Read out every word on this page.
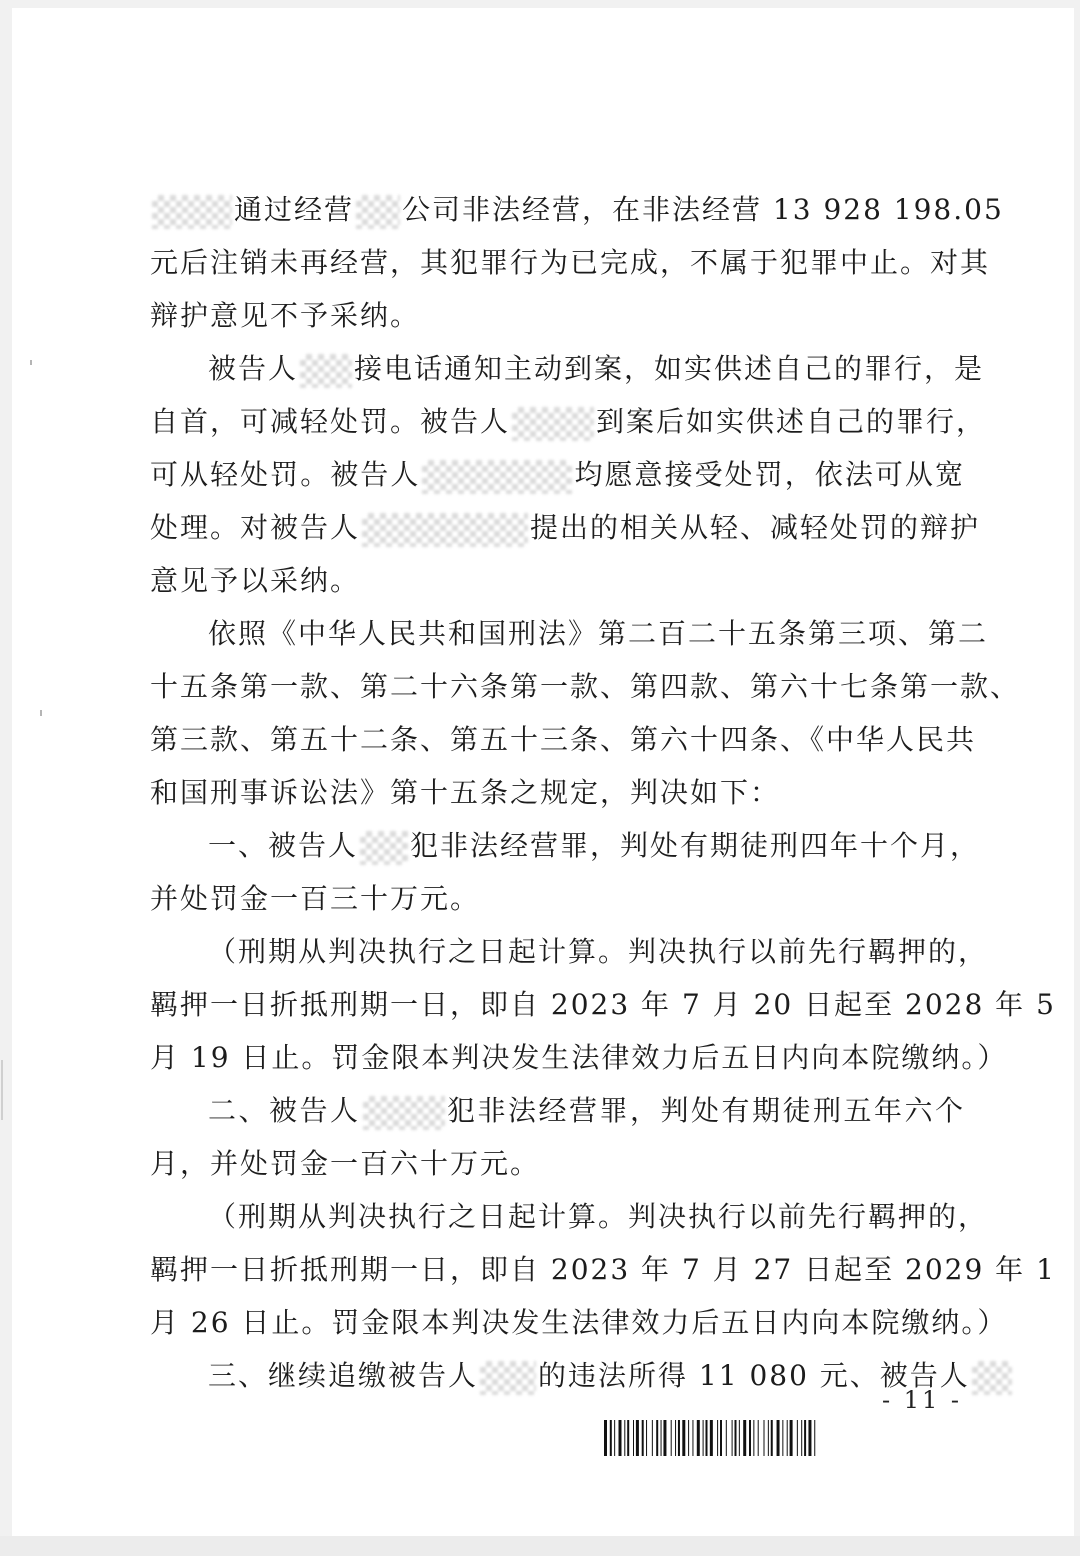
通过经营 公司非法经营，在非法经营 13 928 198.05
元后注销未再经营，其犯罪行为已完成，不属于犯罪中止。对其
辩护意见不予采纳。
被告人 接电话通知主动到案，如实供述自己的罪行，是
自首，可减轻处罚。被告人	到案后如实供述自己的罪行，
可从轻处罚。被告人	均愿意接受处罚，依法可从宽
处理。对被告人	提出的相关从轻、减轻处罚的辩护
意见予以采纳。
依照《中华人民共和国刑法》第二百二十五条第三项、第二
十五条第一款、第二十六条第一款、第四款、第六十七条第一款、
第三款、第五十二条、第五十三条、第六十四条、《中华人民共
和国刑事诉讼法》第十五条之规定，判决如下：
一、被告人 犯非法经营罪，判处有期徒刑四年十个月，
并处罚金一百三十万元。
（刑期从判决执行之日起计算。判决执行以前先行羁押的，
羁押一日折抵刑期一日，即自 2023 年 7 月 20 日起至 2028 年 5
月 19 日止。罚金限本判决发生法律效力后五日内向本院缴纳。）
二、被告人	犯非法经营罪，判处有期徒刑五年六个
月，并处罚金一百六十万元。
（刑期从判决执行之日起计算。判决执行以前先行羁押的，
羁押一日折抵刑期一日，即自 2023 年 7 月 27 日起至 2029 年 1
月 26 日止。罚金限本判决发生法律效力后五日内向本院缴纳。）
三、继续追缴被告人 的违法所得 11 080 元、被告人
- 11 -
